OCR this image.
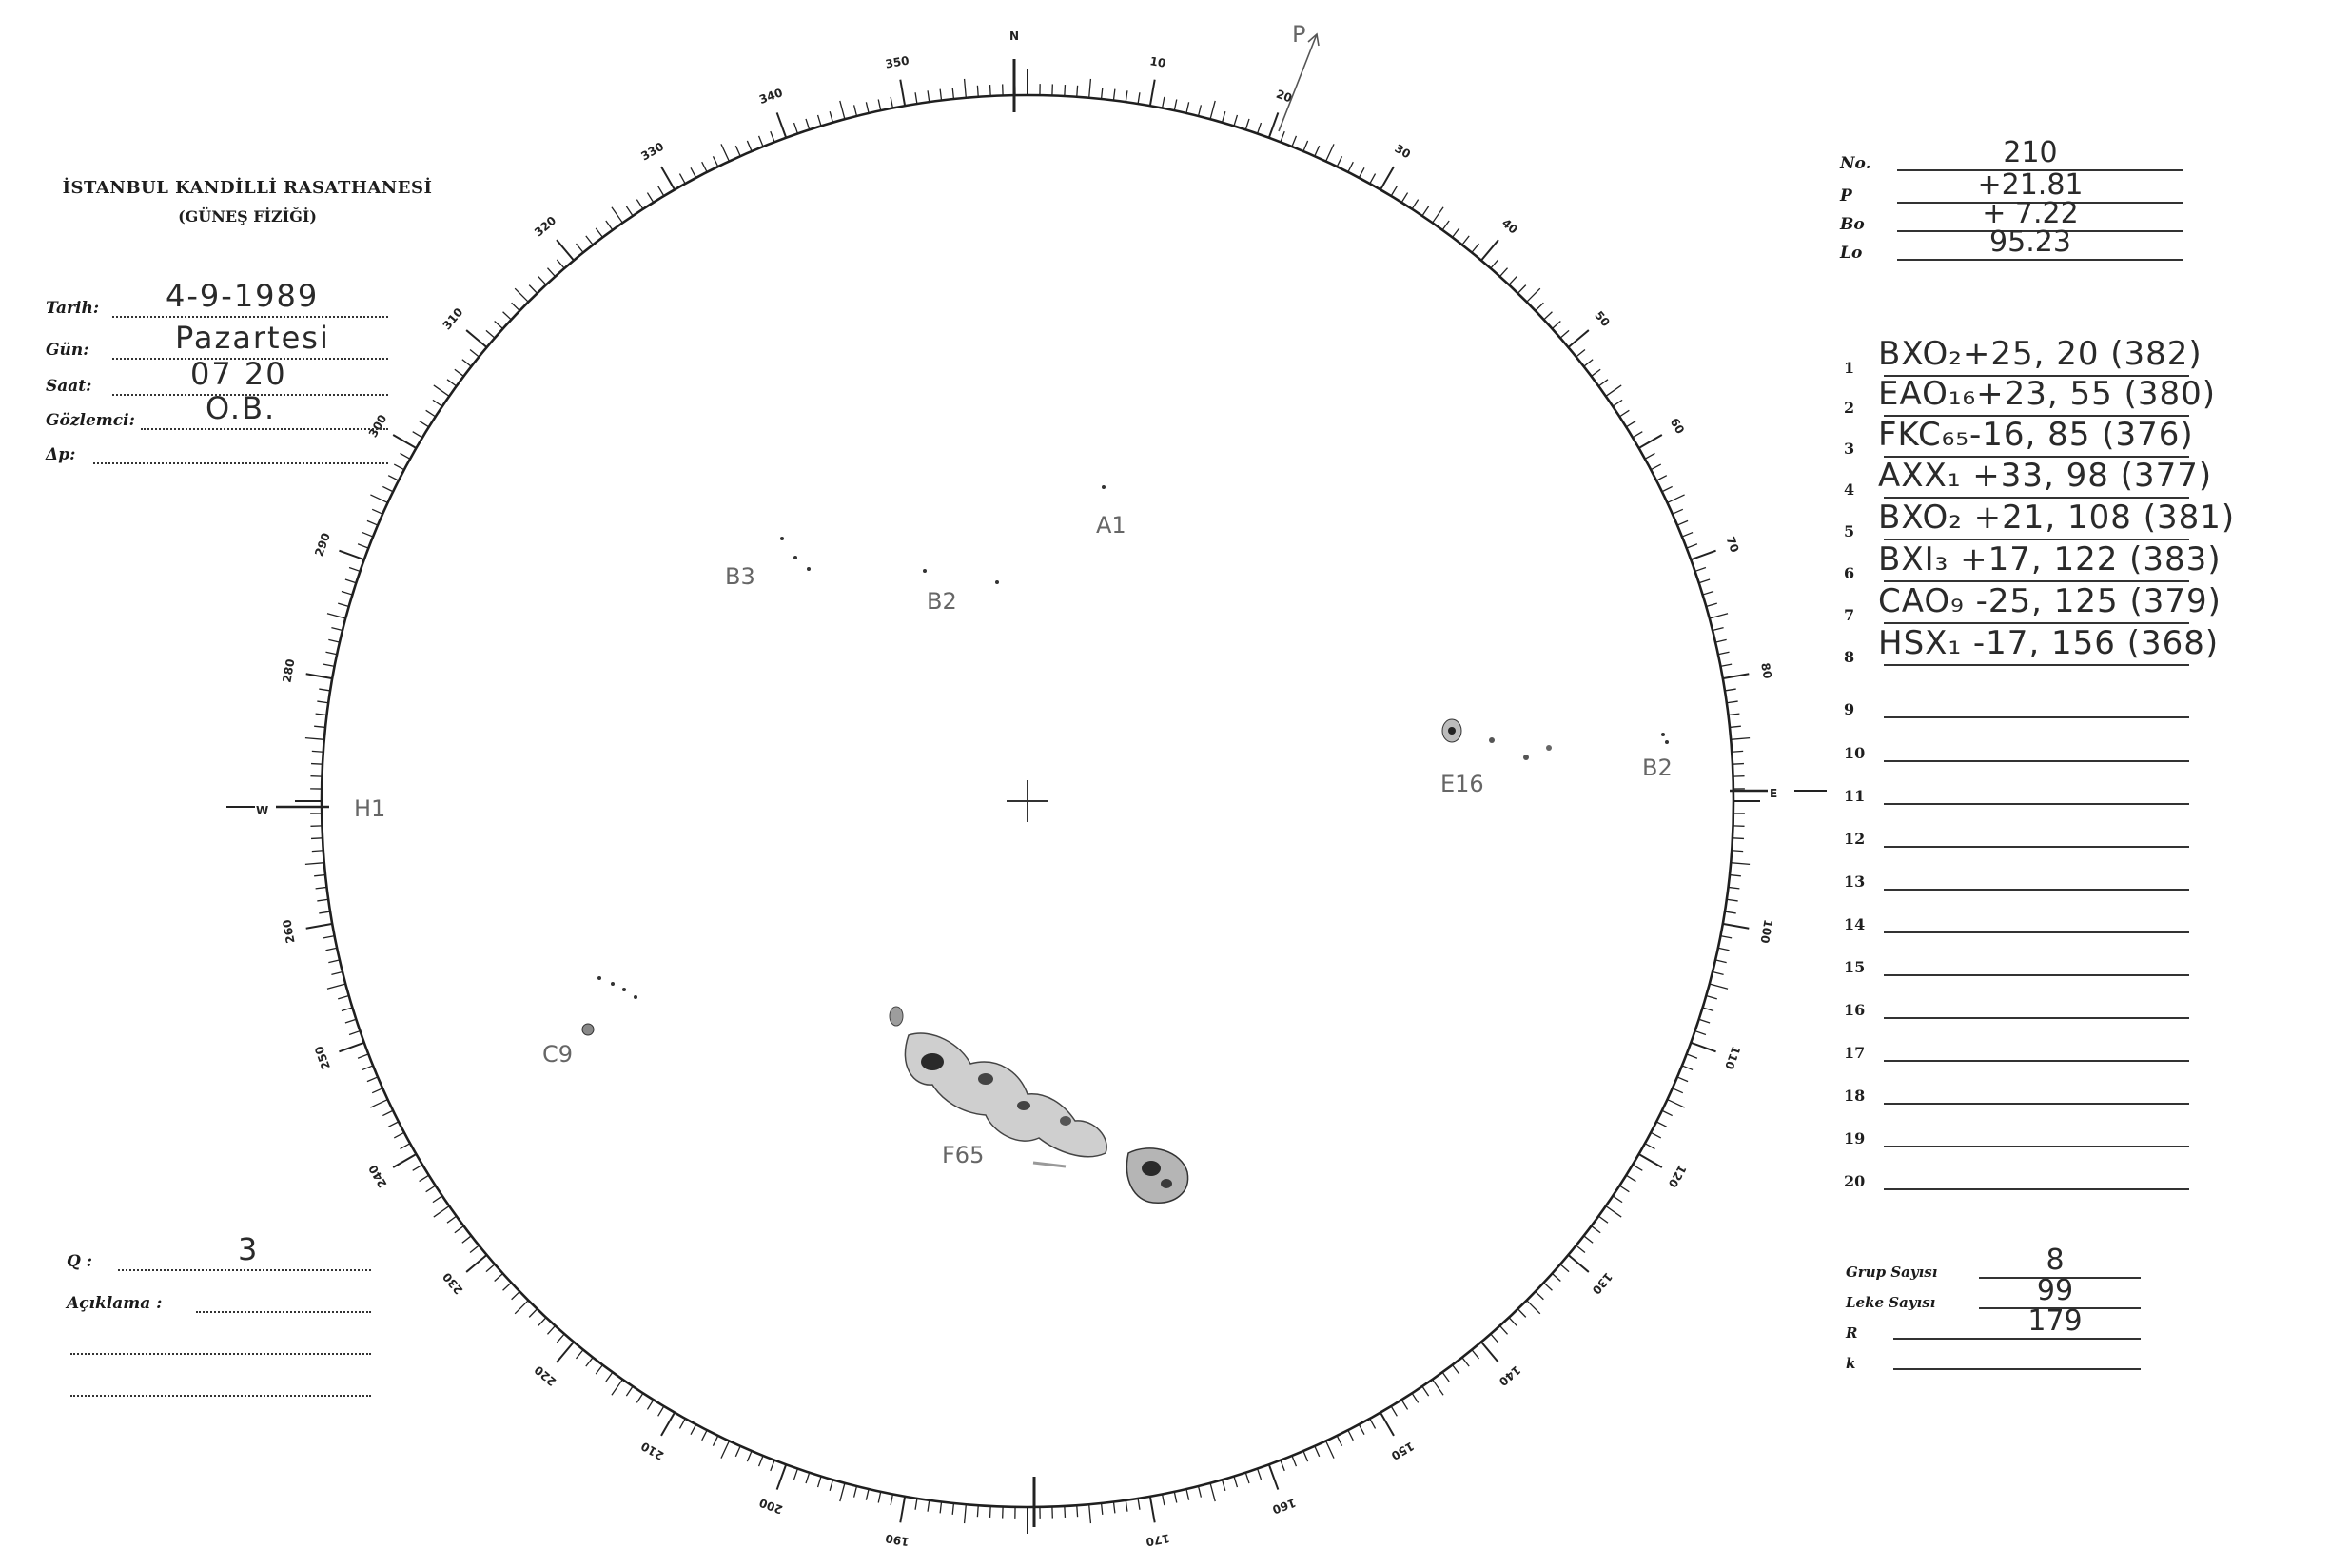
350	10
20
30
40
50
60
70
80
100
110
120
130
140
150
160
170
190
200
210
220
230
240
250
260
280
290
300
310
320
330
340
N
W
E
P
A1
B3
B2
E16
B2
H1
C9
F65
İSTANBUL KANDİLLİ RASATHANESİ
(GÜNEŞ FİZİĞİ)
Tarih: 4-9-1989
Gün:	Pazartesi
Saat:	07 20
Gözlemci: O.B.
Δp:
No.	210
P	+21.81
Bo	+ 7.22
Lo	95.23
1 BXO₂+25, 20 (382)
2 EAO₁₆+23, 55 (380)
3 FKC₆₅-16, 85 (376)
4 AXX₁ +33, 98 (377)
5 BXO₂ +21, 108 (381)
6 BXI₃ +17, 122 (383)
7 CAO₉ -25, 125 (379)
8 HSX₁ -17, 156 (368)
9
10
11
12
13
14
15
16
17
18
19
20
Grup Sayısı	8
Leke Sayısı	99
R	179
k
Q :	3
Açıklama :
